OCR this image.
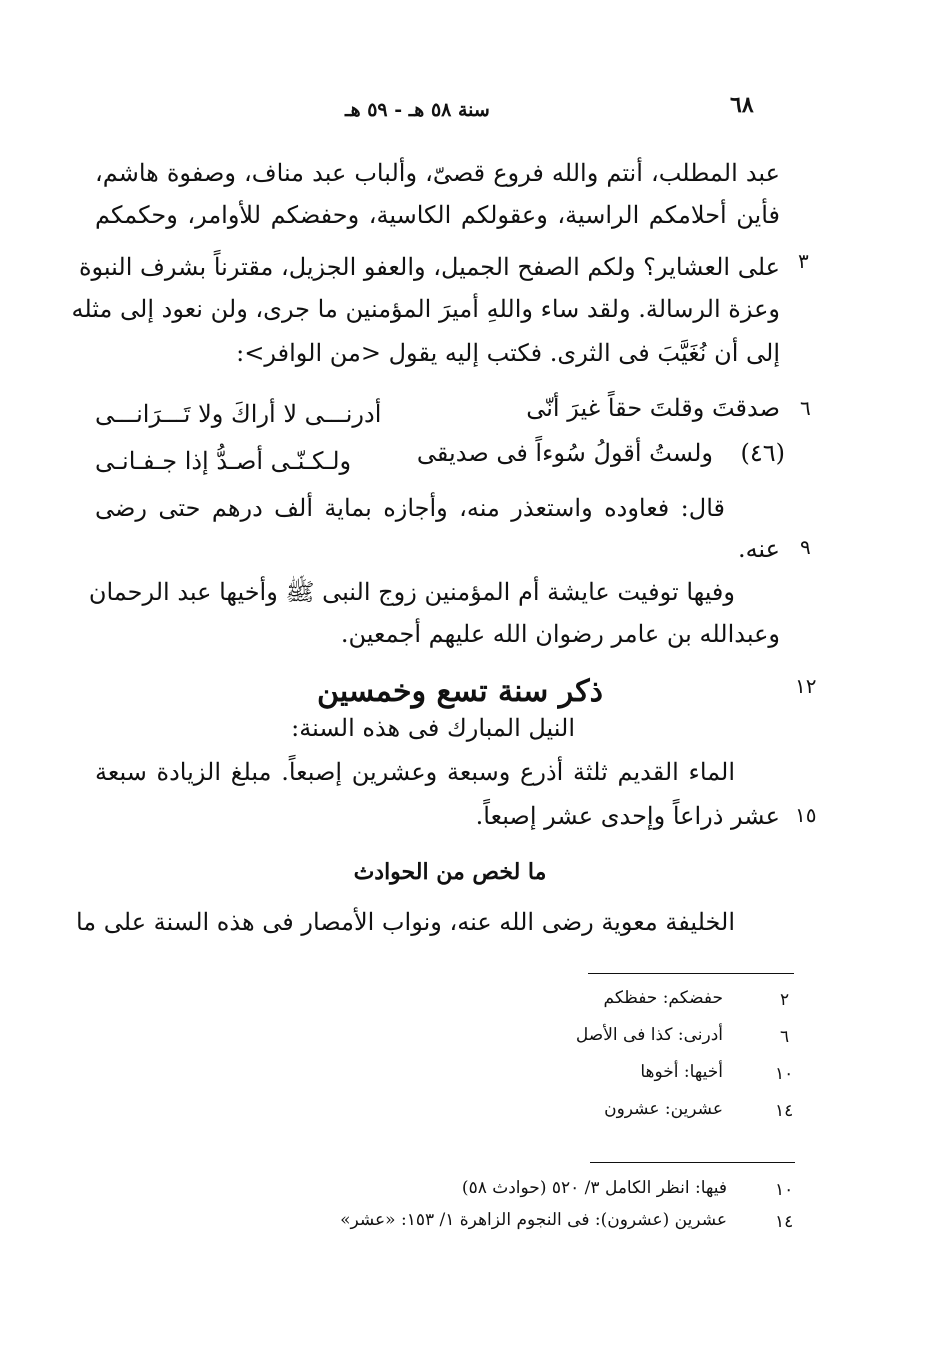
٦٨
سنة ٥٨ هـ - ٥٩ هـ
عبد المطلب، أنتم والله فروع قصىّ، وألباب عبد مناف، وصفوة هاشم،
فأين أحلامكم الراسية، وعقولكم الكاسية، وحفضكم للأوامر، وحكمكم
على العشاير؟ ولكم الصفح الجميل، والعفو الجزيل، مقترناً بشرف النبوة
وعزة الرسالة. ولقد ساء واللهِ أميرَ المؤمنين ما جرى، ولن نعود إلى مثله
إلى أن نُغَيَّبَ فى الثرى. فكتب إليه يقول <من الوافر>:
صدقتَ وقلتَ حقاً غيرَ أنّى
أدرنـــى لا أراكَ ولا تَـــرَانـــى
(٤٦)
ولستُ أقولُ سُوءاً فى صديقى
ولـكـنّـى أصـدُّ إذا جـفـانـى
قال: فعاوده واستعذر منه، وأجازه بماية ألف درهم حتى رضى
عنه.
وفيها توفيت عايشة أم المؤمنين زوج النبى ﷺ وأخيها عبد الرحمان
وعبدالله بن عامر رضوان الله عليهم أجمعين.
ذكر سنة تسع وخمسين
النيل المبارك فى هذه السنة:
الماء القديم ثلثة أذرع وسبعة وعشرين إصبعاً. مبلغ الزيادة سبعة
عشر ذراعاً وإحدى عشر إصبعاً.
ما لخص من الحوادث
الخليفة معوية رضى الله عنه، ونواب الأمصار فى هذه السنة على ما
٣
٦
٩
١٢
١٥
٢
حفضكم: حفظكم
٦
أدرنى: كذا فى الأصل
١٠
أخيها: أخوها
١٤
عشرين: عشرون
١٠
فيها: انظر الكامل ٣/ ٥٢٠ (حوادث ٥٨)
١٤
عشرين (عشرون): فى النجوم الزاهرة ١/ ١٥٣: «عشر»
